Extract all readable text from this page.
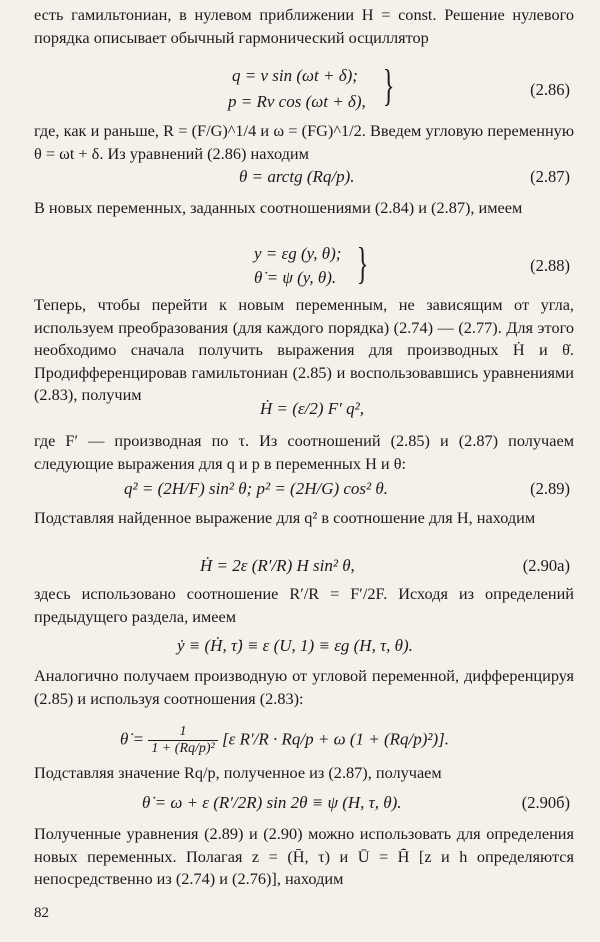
есть гамильтониан, в нулевом приближении H = const. Решение нулевого порядка описывает обычный гармонический осциллятор

q = ν sin (ωt + δ);
p = Rν cos (ωt + δ), }	(2.86)

где, как и раньше, R = (F/G)^1/4 и ω = (FG)^1/2. Введем угловую переменную θ = ωt + δ. Из уравнений (2.86) находим

θ = arctg (Rq/p).	(2.87)

В новых переменных, заданных соотношениями (2.84) и (2.87), имеем

y = εg (y, θ);
θ̇ = ψ (y, θ). }	(2.88)

Теперь, чтобы перейти к новым переменным, не зависящим от угла, используем преобразования (для каждого порядка) (2.74) — (2.77). Для этого необходимо сначала получить выражения для производных Ḣ и θ̇. Продифференцировав гамильтониан (2.85) и воспользовавшись уравнениями (2.83), получим

Ḣ = (ε/2) F′ q²,

где F′ — производная по τ. Из соотношений (2.85) и (2.87) получаем следующие выражения для q и p в переменных H и θ:

q² = (2H/F) sin² θ; p² = (2H/G) cos² θ.	(2.89)

Подставляя найденное выражение для q² в соотношение для H, находим

Ḣ = 2ε (R′/R) H sin² θ,	(2.90a)

здесь использовано соотношение R′/R = F′/2F. Исходя из определений предыдущего раздела, имеем

ẏ ≡ (Ḣ, τ̇) ≡ ε (U, 1) ≡ εg (H, τ, θ).

Аналогично получаем производную от угловой переменной, дифференцируя (2.85) и используя соотношения (2.83):

θ̇ = $\frac{1}{\text{1 + (Rq/p)²}} [\varepsilon$ R′/R · Rq/p + ω (1 + (Rq/p)²)].

Подставляя значение Rq/p, полученное из (2.87), получаем

θ̇ = ω + ε (R′/2R) sin 2θ ≡ ψ (H, τ, θ).	(2.90б)

Полученные уравнения (2.89) и (2.90) можно использовать для определения новых переменных. Полагая z = (H̄, τ) и Ū = H̄̇ [z и h определяются непосредственно из (2.74) и (2.76)], находим

82
